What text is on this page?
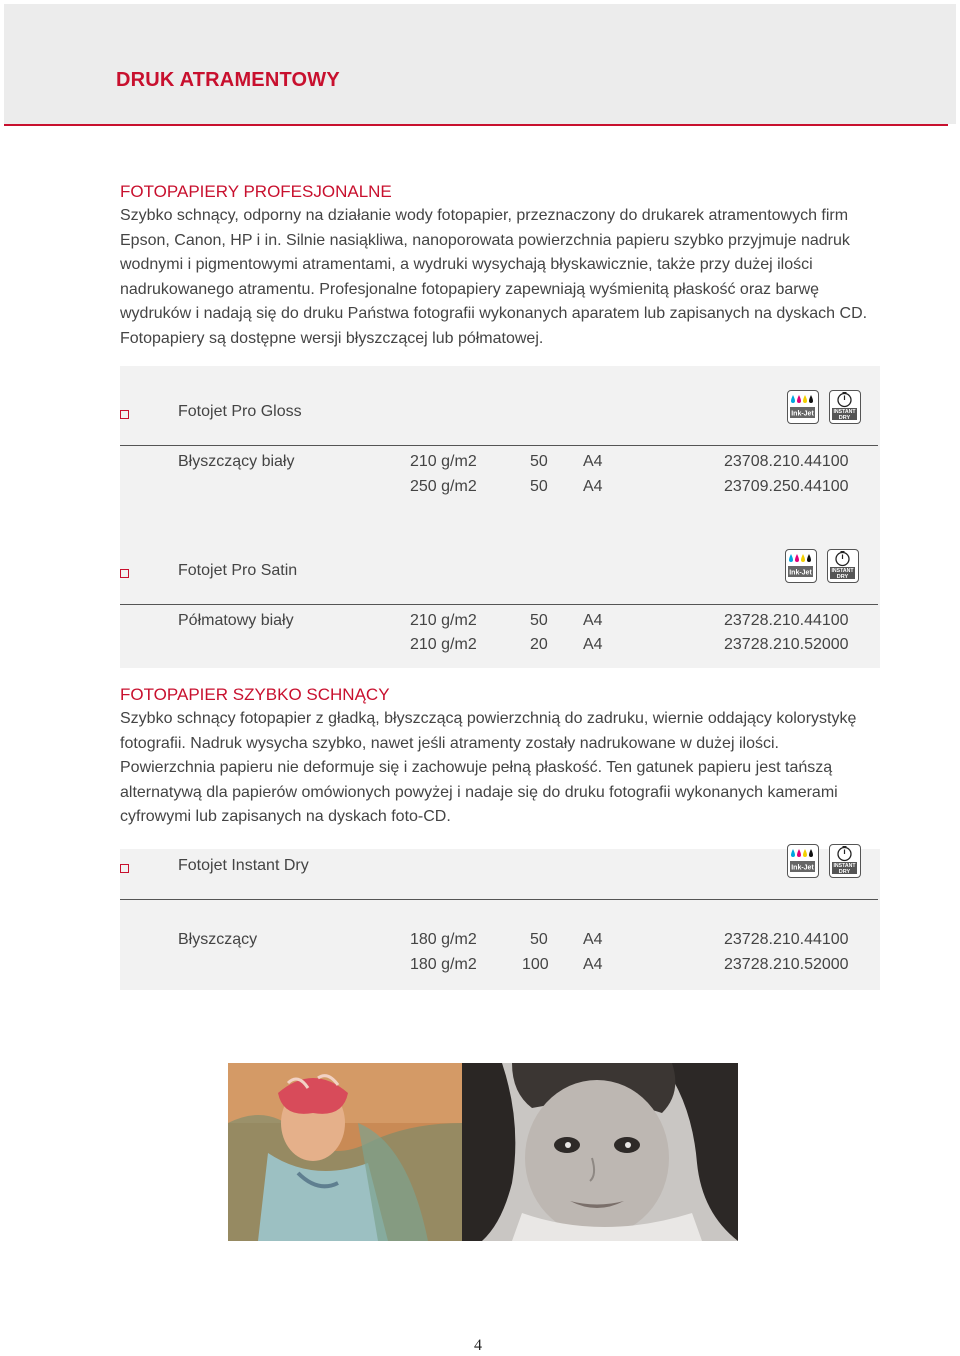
DRUK ATRAMENTOWY
FOTOPAPIERY PROFESJONALNE
Szybko schnący, odporny na działanie wody fotopapier, przeznaczony do drukarek atramentowych firm
Epson, Canon, HP i in. Silnie nasiąkliwa, nanoporowata powierzchnia papieru szybko przyjmuje nadruk
wodnymi i pigmentowymi atramentami, a wydruki wysychają błyskawicznie, także przy dużej ilości
nadrukowanego atramentu. Profesjonalne fotopapiery zapewniają wyśmienitą płaskość oraz barwę
wydruków i nadają się do druku Państwa fotografii wykonanych aparatem lub zapisanych na dyskach CD.
Fotopapiery są dostępne wersji błyszczącej lub półmatowej.
Fotojet Pro Gloss	Ink-Jet	INSTANT
DRY
Błyszczący biały	210 g/m2	50 A4	23708.210.44100
250 g/m2	50 A4	23709.250.44100
Fotojet Pro Satin	Ink-Jet	INSTANT
DRY
Półmatowy biały	210 g/m2	50 A4	23728.210.44100
210 g/m2	20 A4	23728.210.52000
FOTOPAPIER SZYBKO SCHNĄCY
Szybko schnący fotopapier z gładką, błyszczącą powierzchnią do zadruku, wiernie oddający kolorystykę
fotografii. Nadruk wysycha szybko, nawet jeśli atramenty zostały nadrukowane w dużej ilości.
Powierzchnia papieru nie deformuje się i zachowuje pełną płaskość. Ten gatunek papieru jest tańszą
alternatywą dla papierów omówionych powyżej i nadaje się do druku fotografii wykonanych kamerami
cyfrowymi lub zapisanych na dyskach foto-CD.
Fotojet Instant Dry	Ink-Jet	INSTANT
DRY
Błyszczący	180 g/m2	50 A4	23728.210.44100
180 g/m2	100 A4	23728.210.52000
4
